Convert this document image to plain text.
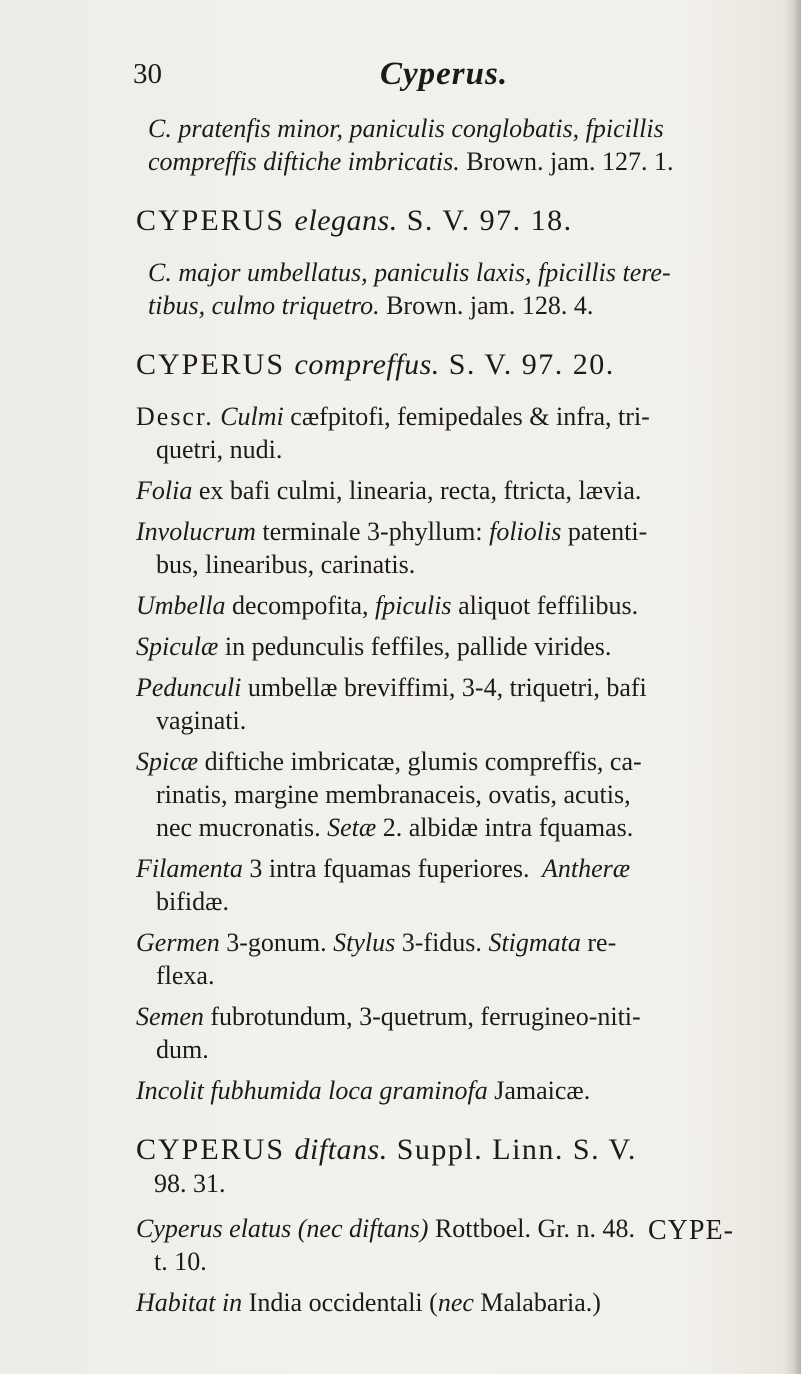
30	Cyperus.

C. pratenfis minor, paniculis conglobatis, fpicillis

compreffis diftiche imbricatis. Brown. jam. 127. 1.

CYPERUS elegans. S. V. 97. 18.

C. major umbellatus, paniculis laxis, fpicillis tere-

tibus, culmo triquetro. Brown. jam. 128. 4.

CYPERUS compreffus. S. V. 97. 20.

Descr. Culmi cæfpitofi, femipedales & infra, tri-

quetri, nudi.

Folia ex bafi culmi, linearia, recta, ftricta, lævia.

Involucrum terminale 3-phyllum: foliolis patenti-

bus, linearibus, carinatis.

Umbella decompofita, fpiculis aliquot feffilibus.

Spiculæ in pedunculis feffiles, pallide virides.

Pedunculi umbellæ breviffimi, 3-4, triquetri, bafi

vaginati.

Spicæ diftiche imbricatæ, glumis compreffis, ca-

rinatis, margine membranaceis, ovatis, acutis,

nec mucronatis. Setæ 2. albidæ intra fquamas.

Filamenta 3 intra fquamas fuperiores. Antheræ

bifidæ.

Germen 3-gonum. Stylus 3-fidus. Stigmata re-

flexa.

Semen fubrotundum, 3-quetrum, ferrugineo-niti-

dum.

Incolit fubhumida loca graminofa Jamaicæ.

CYPERUS diftans. Suppl. Linn. S. V.

98. 31.

Cyperus elatus (nec diftans) Rottboel. Gr. n. 48.

t. 10.

Habitat in India occidentali (nec Malabaria.)

CYPE-
